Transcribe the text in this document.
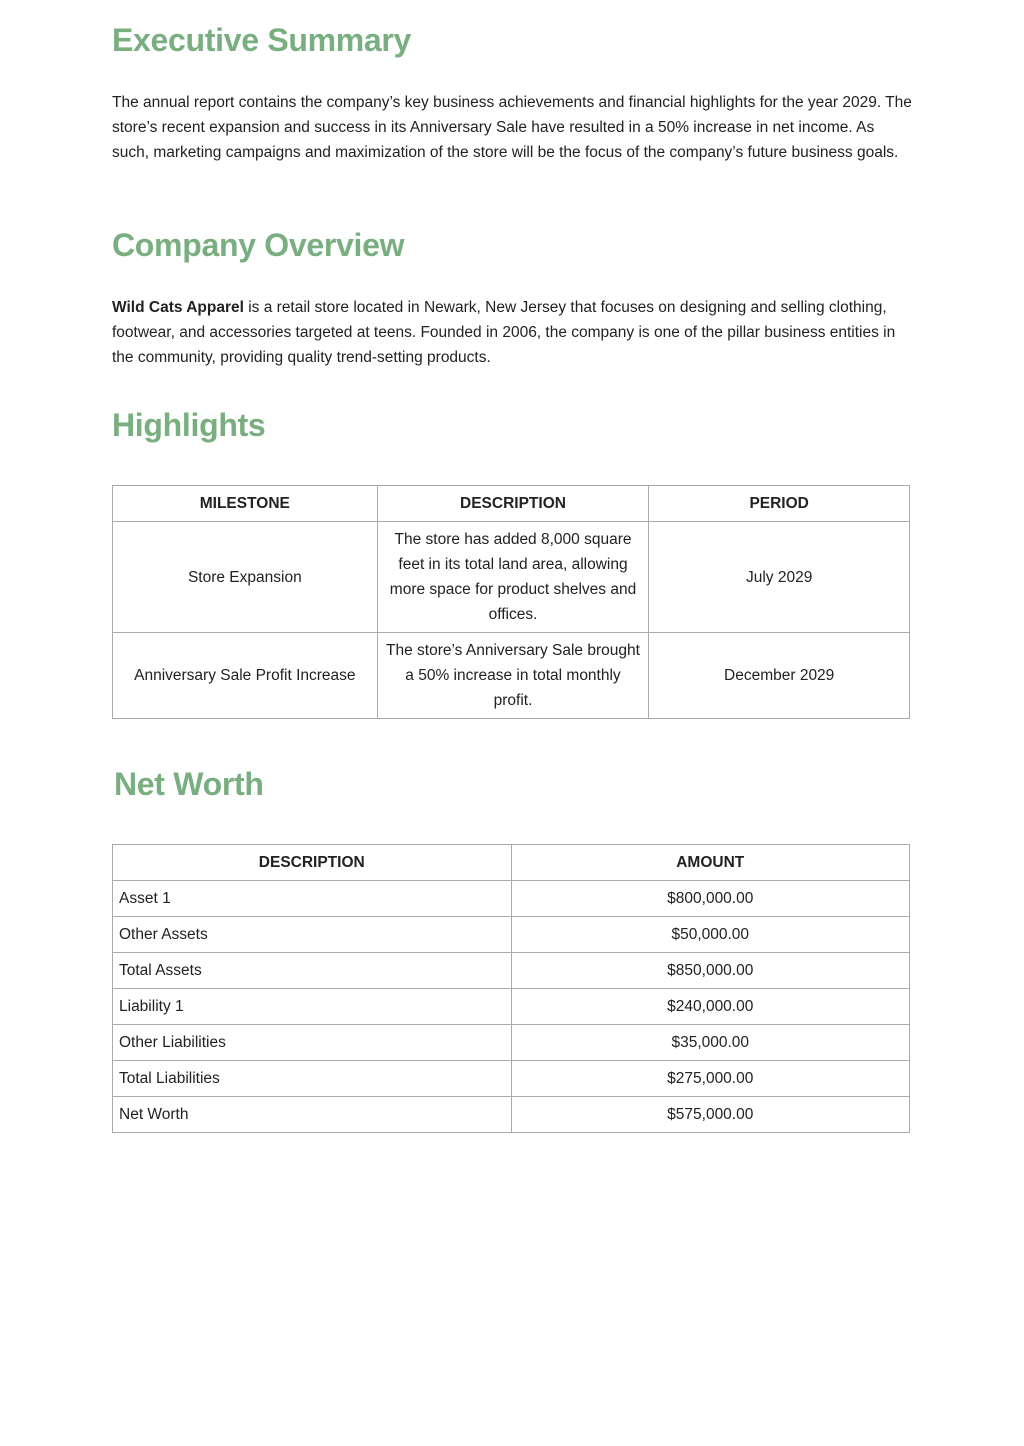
Executive Summary

The annual report contains the company’s key business achievements and financial highlights for the year 2029. The store’s recent expansion and success in its Anniversary Sale have resulted in a 50% increase in net income. As such, marketing campaigns and maximization of the store will be the focus of the company’s future business goals.

Company Overview

Wild Cats Apparel is a retail store located in Newark, New Jersey that focuses on designing and selling clothing, footwear, and accessories targeted at teens. Founded in 2006, the company is one of the pillar business entities in the community, providing quality trend-setting products.

Highlights
MILESTONE	DESCRIPTION	PERIOD
Store Expansion	The store has added 8,000 square feet in its total land area, allowing more space for product shelves and offices.	July 2029
Anniversary Sale Profit Increase	The store’s Anniversary Sale brought a 50% increase in total monthly profit.	December 2029
Net Worth
DESCRIPTION	AMOUNT
Asset 1	$800,000.00
Other Assets	$50,000.00
Total Assets	$850,000.00
Liability 1	$240,000.00
Other Liabilities	$35,000.00
Total Liabilities	$275,000.00
Net Worth	$575,000.00
